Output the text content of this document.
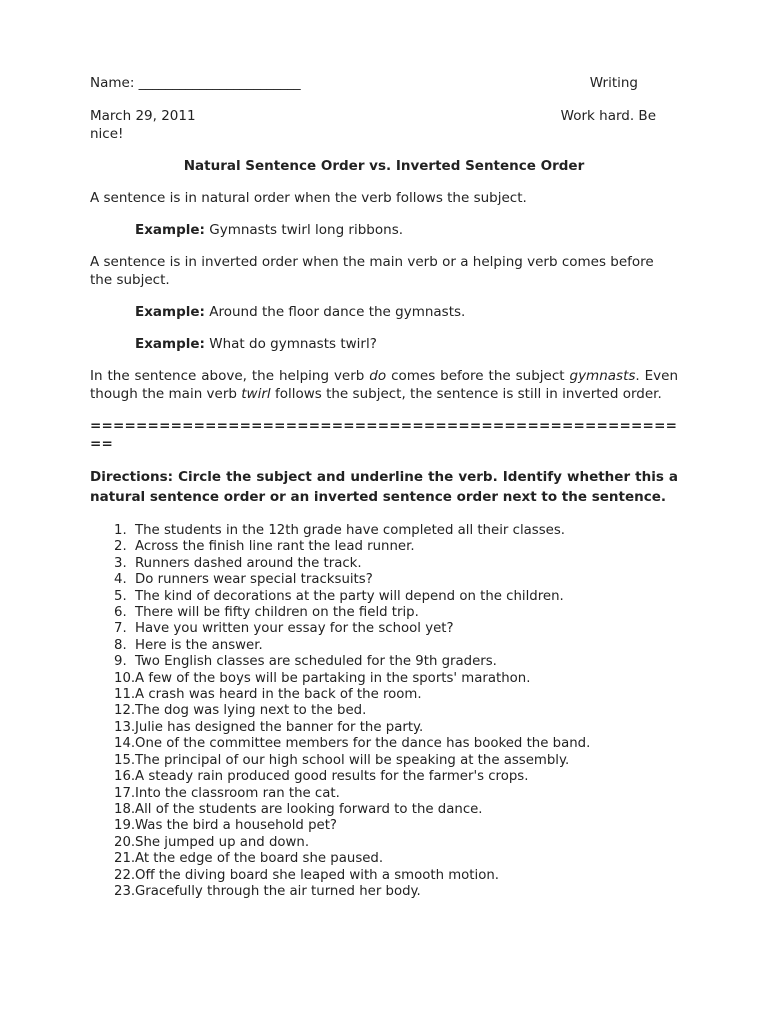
Name: ________________________	Writing
March 29, 2011	Work hard. Be
nice!

Natural Sentence Order vs. Inverted Sentence Order

A sentence is in natural order when the verb follows the subject.

Example: Gymnasts twirl long ribbons.

A sentence is in inverted order when the main verb or a helping verb comes before the subject.

Example: Around the floor dance the gymnasts.

Example: What do gymnasts twirl?

In the sentence above, the helping verb do comes before the subject gymnasts. Even though the main verb twirl follows the subject, the sentence is still in inverted order.

=====================================================

Directions: Circle the subject and underline the verb. Identify whether this a natural sentence order or an inverted sentence order next to the sentence.

1. The students in the 12th grade have completed all their classes.
2. Across the finish line rant the lead runner.
3. Runners dashed around the track.
4. Do runners wear special tracksuits?
5. The kind of decorations at the party will depend on the children.
6. There will be fifty children on the field trip.
7. Have you written your essay for the school yet?
8. Here is the answer.
9. Two English classes are scheduled for the 9th graders.
10. A few of the boys will be partaking in the sports' marathon.
11. A crash was heard in the back of the room.
12. The dog was lying next to the bed.
13. Julie has designed the banner for the party.
14. One of the committee members for the dance has booked the band.
15. The principal of our high school will be speaking at the assembly.
16. A steady rain produced good results for the farmer's crops.
17. Into the classroom ran the cat.
18. All of the students are looking forward to the dance.
19. Was the bird a household pet?
20. She jumped up and down.
21. At the edge of the board she paused.
22. Off the diving board she leaped with a smooth motion.
23. Gracefully through the air turned her body.
